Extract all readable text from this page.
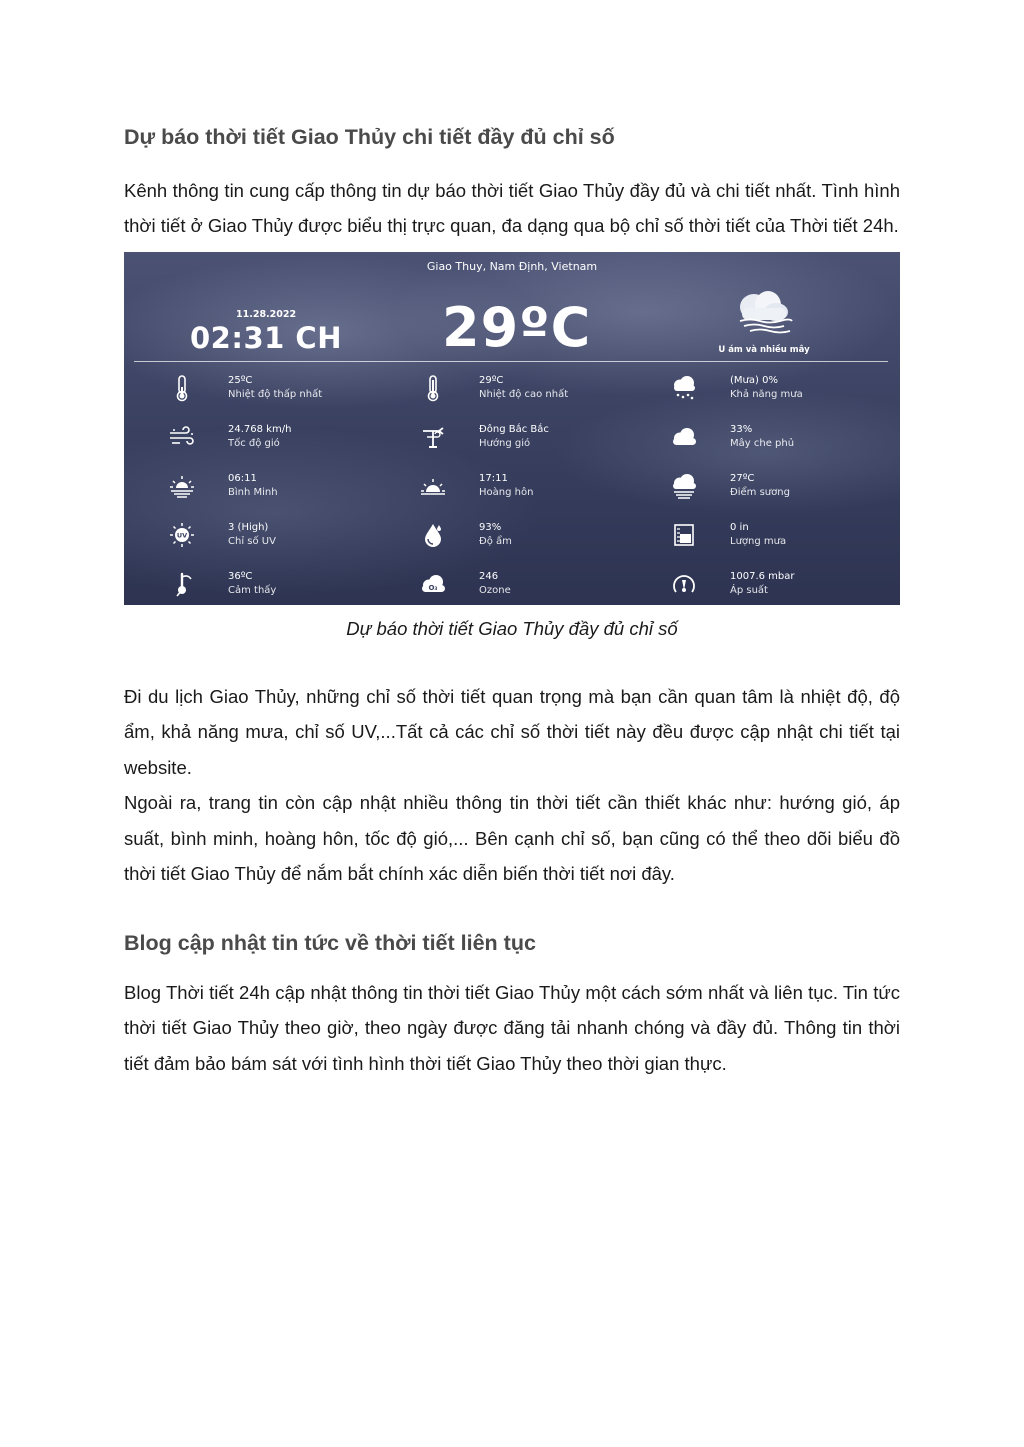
Dự báo thời tiết Giao Thủy chi tiết đầy đủ chỉ số

Kênh thông tin cung cấp thông tin dự báo thời tiết Giao Thủy đầy đủ và chi tiết nhất. Tình hình thời tiết ở Giao Thủy được biểu thị trực quan, đa dạng qua bộ chỉ số thời tiết của Thời tiết 24h.

Giao Thuy, Nam Định, Vietnam
11.28.2022
02:31 CH 29ºC	U ám và nhiều mây
25ºC
Nhiệt độ thấp nhất
29ºC
Nhiệt độ cao nhất
(Mưa) 0%
Khả năng mưa
24.768 km/h
Tốc độ gió
Đông Bắc Bắc
Hướng gió
33%
Mây che phủ
06:11
Bình Minh
17:11
Hoàng hôn
27ºC
Điểm sương
UV
3 (High)
Chỉ số UV
93%
Độ ẩm
0 in
Lượng mưa
36ºC
Cảm thấy	O₃
246
Ozone
1007.6 mbar
Áp suất
Dự báo thời tiết Giao Thủy đầy đủ chỉ số

Đi du lịch Giao Thủy, những chỉ số thời tiết quan trọng mà bạn cần quan tâm là nhiệt độ, độ ẩm, khả năng mưa, chỉ số UV,...Tất cả các chỉ số thời tiết này đều được cập nhật chi tiết tại website.

Ngoài ra, trang tin còn cập nhật nhiều thông tin thời tiết cần thiết khác như: hướng gió, áp suất, bình minh, hoàng hôn, tốc độ gió,... Bên cạnh chỉ số, bạn cũng có thể theo dõi biểu đồ thời tiết Giao Thủy để nắm bắt chính xác diễn biến thời tiết nơi đây.

Blog cập nhật tin tức về thời tiết liên tục

Blog Thời tiết 24h cập nhật thông tin thời tiết Giao Thủy một cách sớm nhất và liên tục. Tin tức thời tiết Giao Thủy theo giờ, theo ngày được đăng tải nhanh chóng và đầy đủ. Thông tin thời tiết đảm bảo bám sát với tình hình thời tiết Giao Thủy theo thời gian thực.
